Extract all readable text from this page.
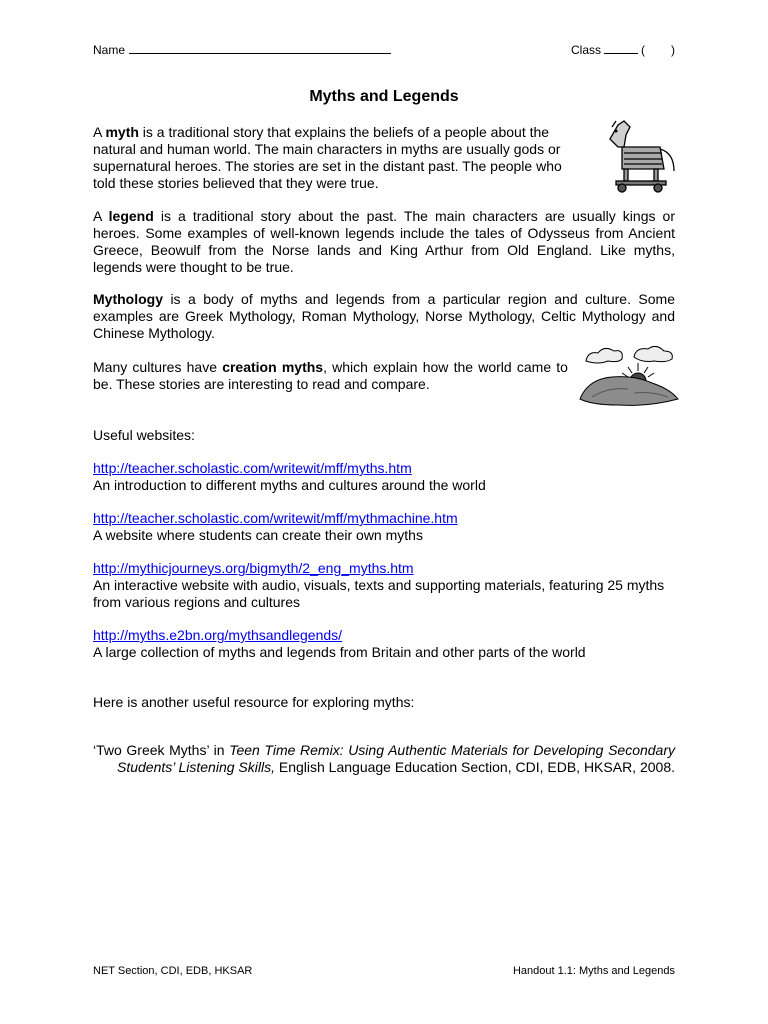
Name	Class	( )
Myths and Legends

A myth is a traditional story that explains the beliefs of a people about the natural and human world. The main characters in myths are usually gods or supernatural heroes. The stories are set in the distant past. The people who told these stories believed that they were true.

A legend is a traditional story about the past. The main characters are usually kings or heroes. Some examples of well-known legends include the tales of Odysseus from Ancient Greece, Beowulf from the Norse lands and King Arthur from Old England. Like myths, legends were thought to be true.

Mythology is a body of myths and legends from a particular region and culture. Some examples are Greek Mythology, Roman Mythology, Norse Mythology, Celtic Mythology and Chinese Mythology.

Many cultures have creation myths, which explain how the world came to be. These stories are interesting to read and compare.

Useful websites:

http://teacher.scholastic.com/writewit/mff/myths.htm
An introduction to different myths and cultures around the world
http://teacher.scholastic.com/writewit/mff/mythmachine.htm
A website where students can create their own myths
http://mythicjourneys.org/bigmyth/2_eng_myths.htm
An interactive website with audio, visuals, texts and supporting materials, featuring 25 myths from various regions and cultures
http://myths.e2bn.org/mythsandlegends/
A large collection of myths and legends from Britain and other parts of the world

Here is another useful resource for exploring myths:

‘Two Greek Myths’ in Teen Time Remix: Using Authentic Materials for Developing Secondary Students’ Listening Skills, English Language Education Section, CDI, EDB, HKSAR, 2008.

NET Section, CDI, EDB, HKSAR	Handout 1.1: Myths and Legends
